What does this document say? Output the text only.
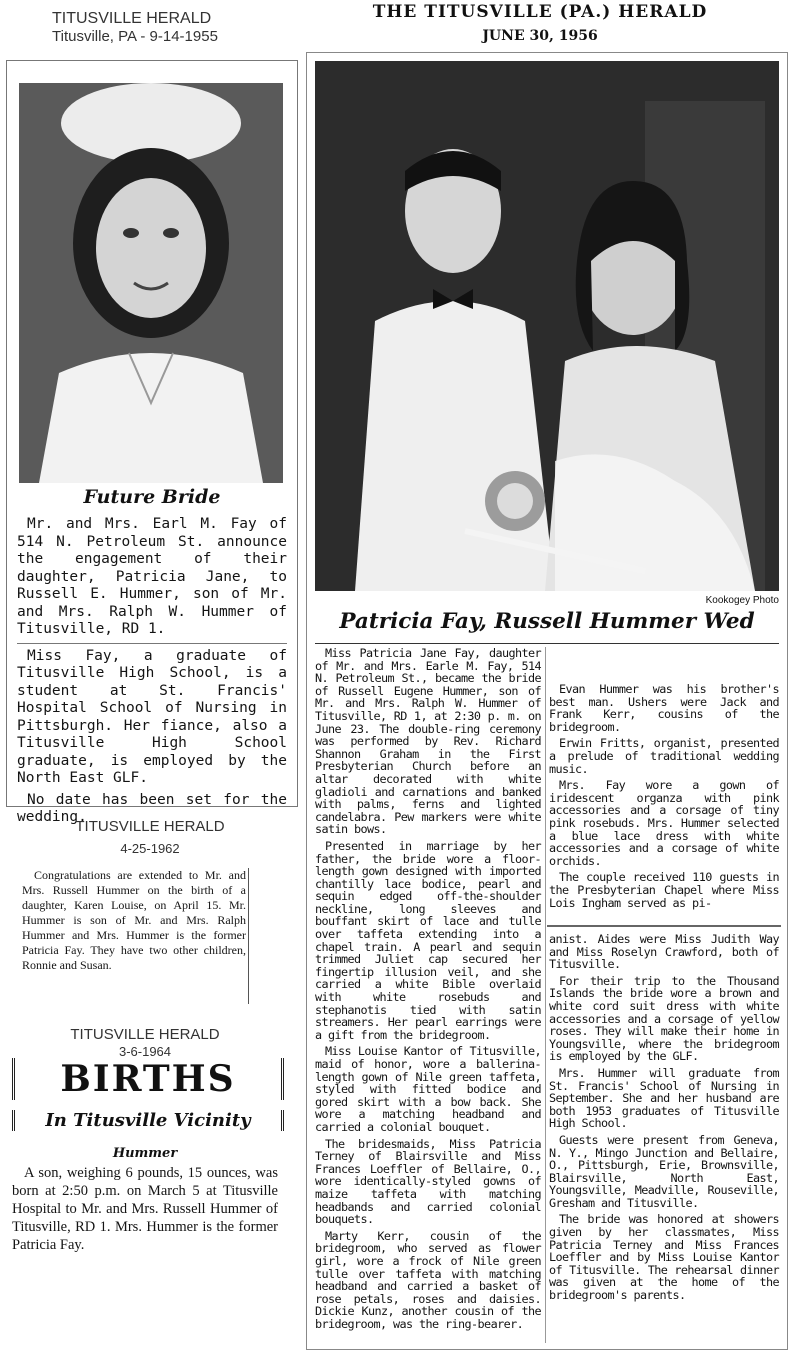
TITUSVILLE HERALD
Titusville, PA - 9-14-1955
Future Bride

Mr. and Mrs. Earl M. Fay of 514 N. Petroleum St. announce the engagement of their daughter, Patricia Jane, to Russell E. Hummer, son of Mr. and Mrs. Ralph W. Hummer of Titusville, RD 1.

Miss Fay, a graduate of Titusville High School, is a student at St. Francis' Hospital School of Nursing in Pittsburgh. Her fiance, also a Titusville High School graduate, is employed by the North East GLF.

No date has been set for the wedding.

TITUSVILLE HERALD
4-25-1962
Congratulations are extended to Mr. and Mrs. Russell Hummer on the birth of a daughter, Karen Louise, on April 15. Mr. Hummer is son of Mr. and Mrs. Ralph Hummer and Mrs. Hummer is the former Patricia Fay. They have two other children, Ronnie and Susan.
TITUSVILLE HERALD
3-6-1964
BIRTHS
In Titusville Vicinity
Hummer
A son, weighing 6 pounds, 15 ounces, was born at 2:50 p.m. on March 5 at Titusville Hospital to Mr. and Mrs. Russell Hummer of Titusville, RD 1. Mrs. Hummer is the former Patricia Fay.
THE TITUSVILLE (PA.) HERALD
JUNE 30, 1956
Kookogey Photo
Patricia Fay, Russell Hummer Wed

Miss Patricia Jane Fay, daughter of Mr. and Mrs. Earle M. Fay, 514 N. Petroleum St., became the bride of Russell Eugene Hummer, son of Mr. and Mrs. Ralph W. Hummer of Titusville, RD 1, at 2:30 p. m. on June 23. The double-ring ceremony was performed by Rev. Richard Shannon Graham in the First Presbyterian Church before an altar decorated with white gladioli and carnations and banked with palms, ferns and lighted candelabra. Pew markers were white satin bows.

Presented in marriage by her father, the bride wore a floor-length gown designed with imported chantilly lace bodice, pearl and sequin edged off-the-shoulder neckline, long sleeves and bouffant skirt of lace and tulle over taffeta extending into a chapel train. A pearl and sequin trimmed Juliet cap secured her fingertip illusion veil, and she carried a white Bible overlaid with white rosebuds and stephanotis tied with satin streamers. Her pearl earrings were a gift from the bridegroom.

Miss Louise Kantor of Titusville, maid of honor, wore a ballerina-length gown of Nile green taffeta, styled with fitted bodice and gored skirt with a bow back. She wore a matching headband and carried a colonial bouquet.

The bridesmaids, Miss Patricia Terney of Blairsville and Miss Frances Loeffler of Bellaire, O., wore identically-styled gowns of maize taffeta with matching headbands and carried colonial bouquets.

Marty Kerr, cousin of the bridegroom, who served as flower girl, wore a frock of Nile green tulle over taffeta with matching headband and carried a basket of rose petals, roses and daisies. Dickie Kunz, another cousin of the bridegroom, was the ring-bearer.

Evan Hummer was his brother's best man. Ushers were Jack and Frank Kerr, cousins of the bridegroom.

Erwin Fritts, organist, presented a prelude of traditional wedding music.

Mrs. Fay wore a gown of iridescent organza with pink accessories and a corsage of tiny pink rosebuds. Mrs. Hummer selected a blue lace dress with white accessories and a corsage of white orchids.

The couple received 110 guests in the Presbyterian Chapel where Miss Lois Ingham served as pi-

anist. Aides were Miss Judith Way and Miss Roselyn Crawford, both of Titusville.

For their trip to the Thousand Islands the bride wore a brown and white cord suit dress with white accessories and a corsage of yellow roses. They will make their home in Youngsville, where the bridegroom is employed by the GLF.

Mrs. Hummer will graduate from St. Francis' School of Nursing in September. She and her husband are both 1953 graduates of Titusville High School.

Guests were present from Geneva, N. Y., Mingo Junction and Bellaire, O., Pittsburgh, Erie, Brownsville, Blairsville, North East, Youngsville, Meadville, Rouseville, Gresham and Titusville.

The bride was honored at showers given by her classmates, Miss Patricia Terney and Miss Frances Loeffler and by Miss Louise Kantor of Titusville. The rehearsal dinner was given at the home of the bridegroom's parents.
